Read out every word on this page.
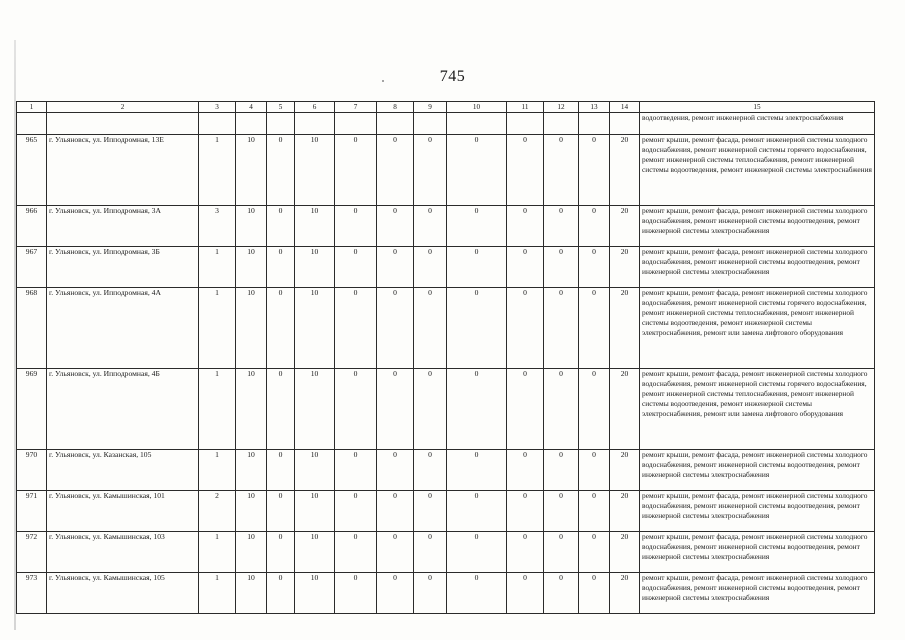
745
1	2	3	4	5	6	7	8	9	10	11	12	13	14	15
														водоотведения, ремонт инженерной системы электроснабжения
965	г. Ульяновск, ул. Ипподромная, 13Е	1	10	0	10	0	0	0	0	0	0	0	20	ремонт крыши, ремонт фасада, ремонт инженерной системы холодного водоснабжения, ремонт инженерной системы горячего водоснабжения, ремонт инженерной системы теплоснабжения, ремонт инженерной системы водоотведения, ремонт инженерной системы электроснабжения
966	г. Ульяновск, ул. Ипподромная, 3А	3	10	0	10	0	0	0	0	0	0	0	20	ремонт крыши, ремонт фасада, ремонт инженерной системы холодного водоснабжения, ремонт инженерной системы водоотведения, ремонт инженерной системы электроснабжения
967	г. Ульяновск, ул. Ипподромная, 3Б	1	10	0	10	0	0	0	0	0	0	0	20	ремонт крыши, ремонт фасада, ремонт инженерной системы холодного водоснабжения, ремонт инженерной системы водоотведения, ремонт инженерной системы электроснабжения
968	г. Ульяновск, ул. Ипподромная, 4А	1	10	0	10	0	0	0	0	0	0	0	20	ремонт крыши, ремонт фасада, ремонт инженерной системы холодного водоснабжения, ремонт инженерной системы горячего водоснабжения, ремонт инженерной системы теплоснабжения, ремонт инженерной системы водоотведения, ремонт инженерной системы электроснабжения, ремонт или замена лифтового оборудования
969	г. Ульяновск, ул. Ипподромная, 4Б	1	10	0	10	0	0	0	0	0	0	0	20	ремонт крыши, ремонт фасада, ремонт инженерной системы холодного водоснабжения, ремонт инженерной системы горячего водоснабжения, ремонт инженерной системы теплоснабжения, ремонт инженерной системы водоотведения, ремонт инженерной системы электроснабжения, ремонт или замена лифтового оборудования
970	г. Ульяновск, ул. Казанская, 105	1	10	0	10	0	0	0	0	0	0	0	20	ремонт крыши, ремонт фасада, ремонт инженерной системы холодного водоснабжения, ремонт инженерной системы водоотведения, ремонт инженерной системы электроснабжения
971	г. Ульяновск, ул. Камышинская, 101	2	10	0	10	0	0	0	0	0	0	0	20	ремонт крыши, ремонт фасада, ремонт инженерной системы холодного водоснабжения, ремонт инженерной системы водоотведения, ремонт инженерной системы электроснабжения
972	г. Ульяновск, ул. Камышинская, 103	1	10	0	10	0	0	0	0	0	0	0	20	ремонт крыши, ремонт фасада, ремонт инженерной системы холодного водоснабжения, ремонт инженерной системы водоотведения, ремонт инженерной системы электроснабжения
973	г. Ульяновск, ул. Камышинская, 105	1	10	0	10	0	0	0	0	0	0	0	20	ремонт крыши, ремонт фасада, ремонт инженерной системы холодного водоснабжения, ремонт инженерной системы водоотведения, ремонт инженерной системы электроснабжения
